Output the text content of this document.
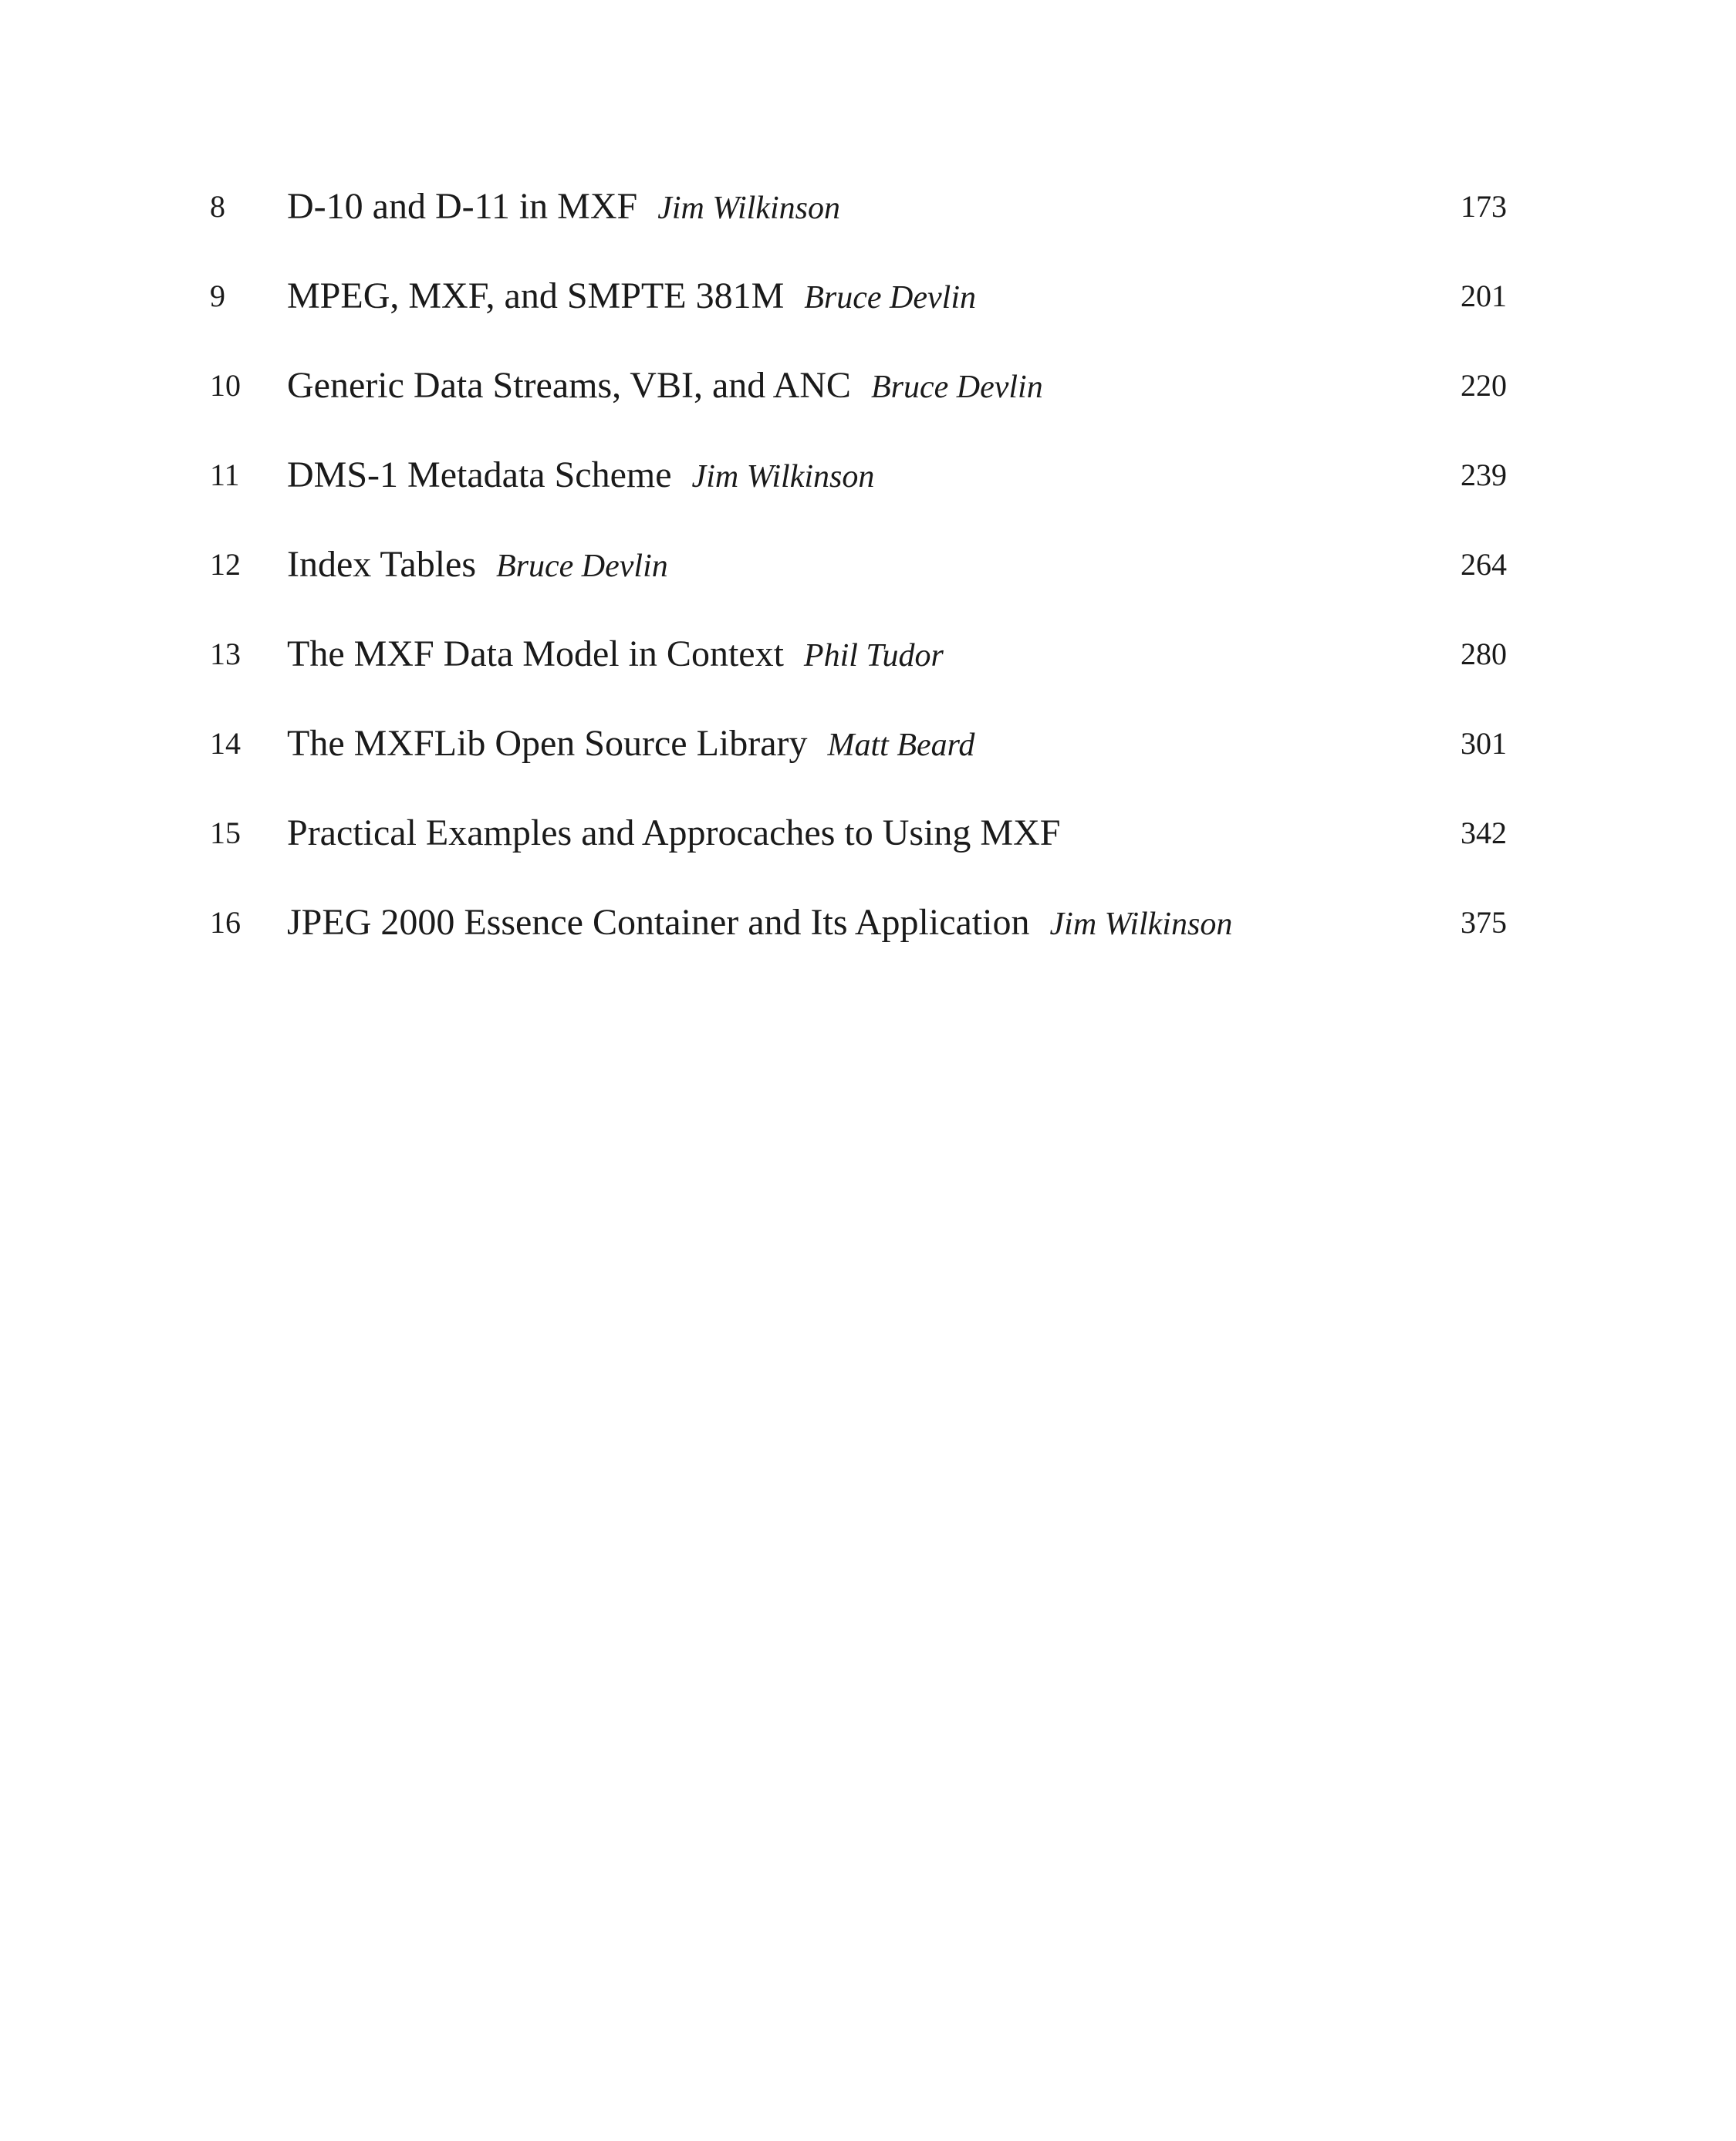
8 D-10 and D-11 in MXF Jim Wilkinson	173
9 MPEG, MXF, and SMPTE 381M Bruce Devlin	201
10 Generic Data Streams, VBI, and ANC Bruce Devlin	220
11 DMS-1 Metadata Scheme Jim Wilkinson	239
12 Index Tables Bruce Devlin	264
13 The MXF Data Model in Context Phil Tudor	280
14 The MXFLib Open Source Library Matt Beard	301
15 Practical Examples and Approcaches to Using MXF	342
16 JPEG 2000 Essence Container and Its Application Jim Wilkinson	375
